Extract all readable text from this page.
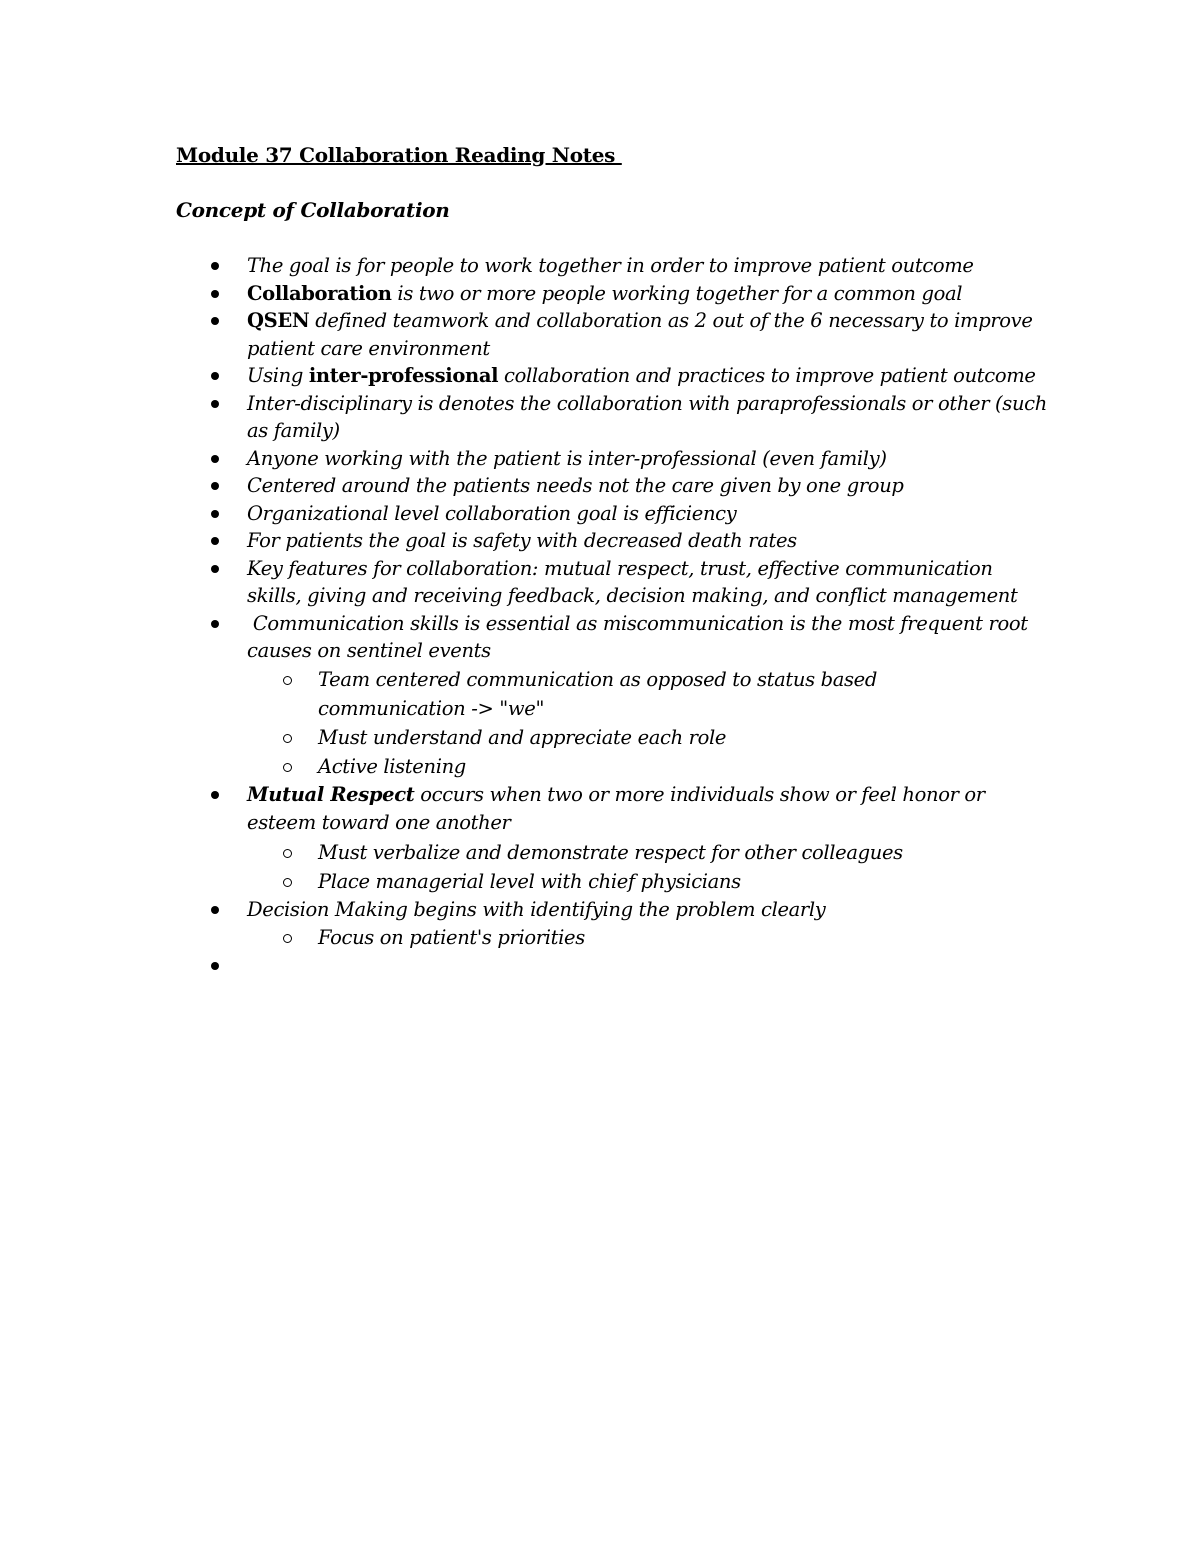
Module 37 Collaboration Reading Notes
Concept of Collaboration
The goal is for people to work together in order to improve patient outcome
Collaboration is two or more people working together for a common goal
QSEN defined teamwork and collaboration as 2 out of the 6 necessary to improve patient care environment
Using inter-professional collaboration and practices to improve patient outcome
Inter-disciplinary is denotes the collaboration with paraprofessionals or other (such as family)
Anyone working with the patient is inter-professional (even family)
Centered around the patients needs not the care given by one group
Organizational level collaboration goal is efficiency
For patients the goal is safety with decreased death rates
Key features for collaboration: mutual respect, trust, effective communication skills, giving and receiving feedback, decision making, and conflict management
Communication skills is essential as miscommunication is the most frequent root causes on sentinel events
Team centered communication as opposed to status based communication -> "we"
Must understand and appreciate each role
Active listening
Mutual Respect occurs when two or more individuals show or feel honor or esteem toward one another
Must verbalize and demonstrate respect for other colleagues
Place managerial level with chief physicians
Decision Making begins with identifying the problem clearly
Focus on patient's priorities
